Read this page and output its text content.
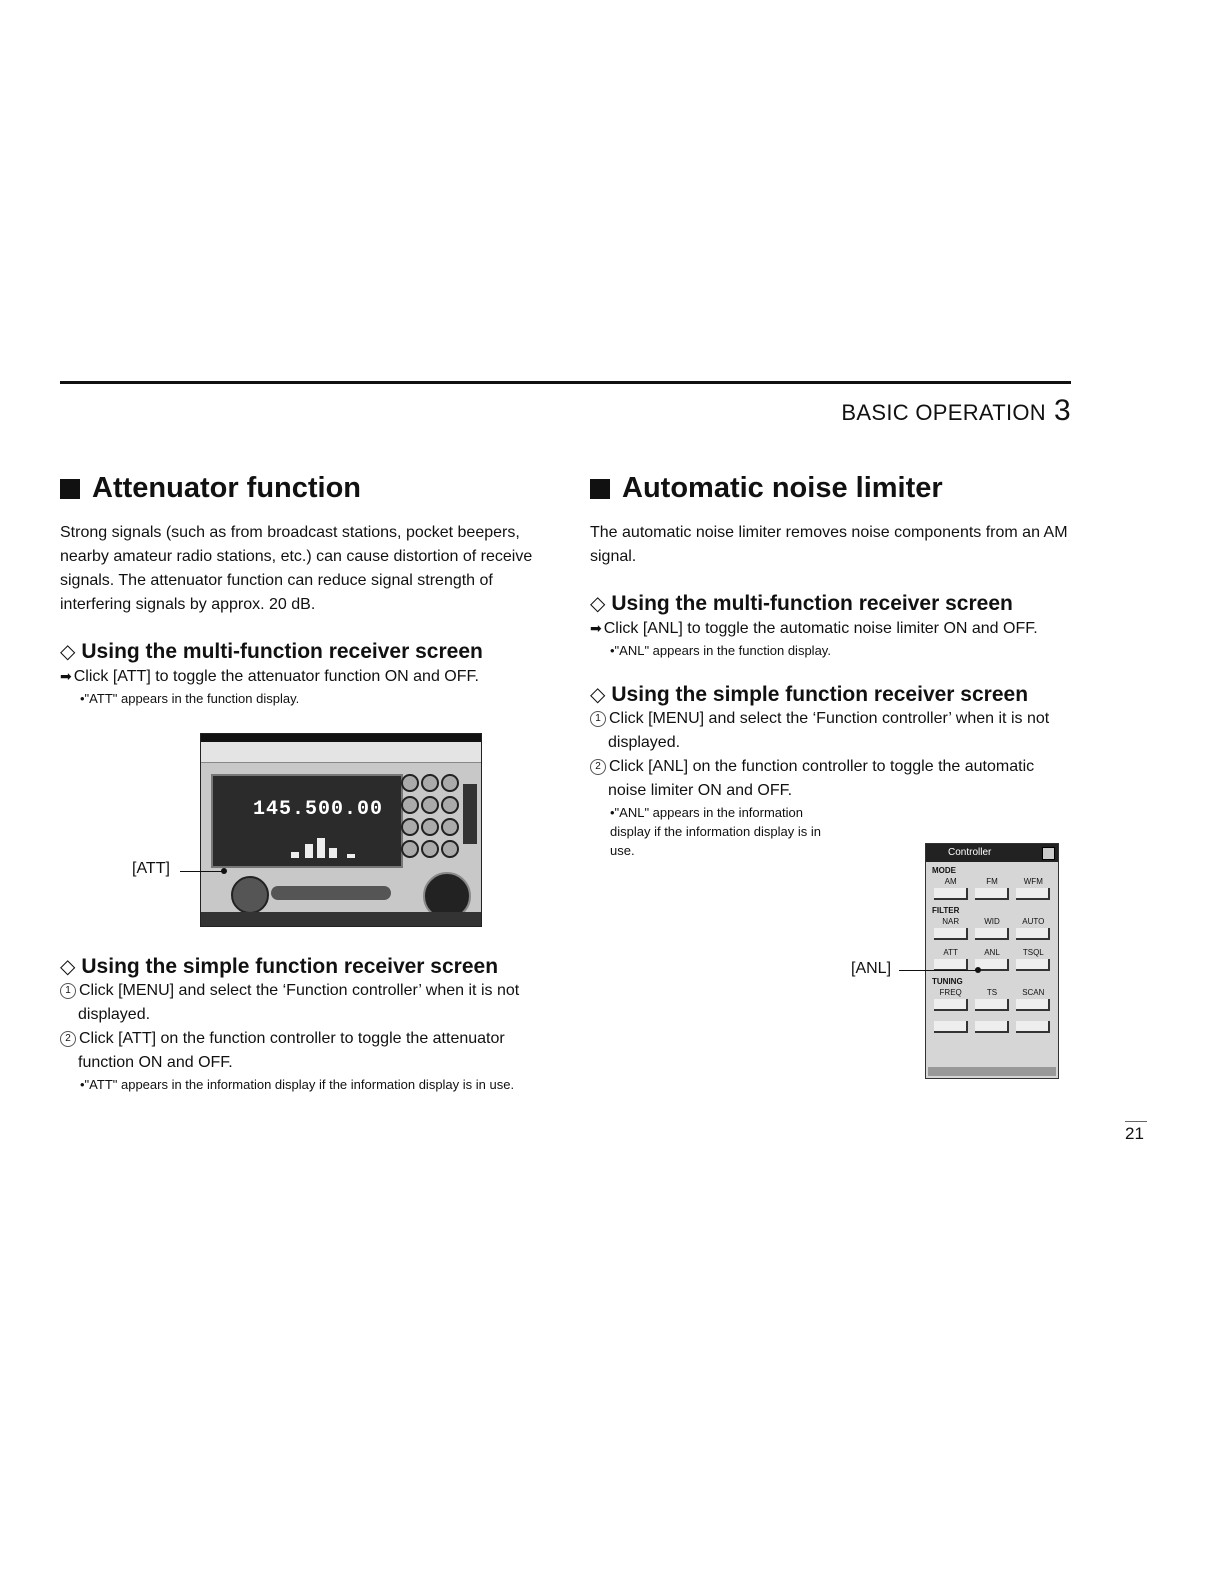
BASIC OPERATION 3
Attenuator function

Strong signals (such as from broadcast stations, pocket beepers, nearby amateur radio stations, etc.) can cause distortion of receive signals. The attenuator function can reduce signal strength of interfering signals by approx. 20 dB.

◇ Using the multi-function receiver screen

➡ Click [ATT] to toggle the attenuator function ON and OFF.

•"ATT" appears in the function display.

◇ Using the simple function receiver screen

1 Click [MENU] and select the ‘Function controller’ when it is not displayed.

2 Click [ATT] on the function controller to toggle the attenuator function ON and OFF.

•"ATT" appears in the information display if the information display is in use.

145.500.00
[ATT]
Automatic noise limiter

The automatic noise limiter removes noise components from an AM signal.

◇ Using the multi-function receiver screen

➡ Click [ANL] to toggle the automatic noise limiter ON and OFF.

•"ANL" appears in the function display.

◇ Using the simple function receiver screen

1 Click [MENU] and select the ‘Function controller’ when it is not displayed.

2 Click [ANL] on the function controller to toggle the automatic noise limiter ON and OFF.

•"ANL" appears in the information display if the information display is in use.	Controller
MODE
AM	FM	WFM
FILTER
NAR	WID	AUTO
ATT	ANL	TSQL
TUNING
FREQ	TS	SCAN
[ANL]
21
